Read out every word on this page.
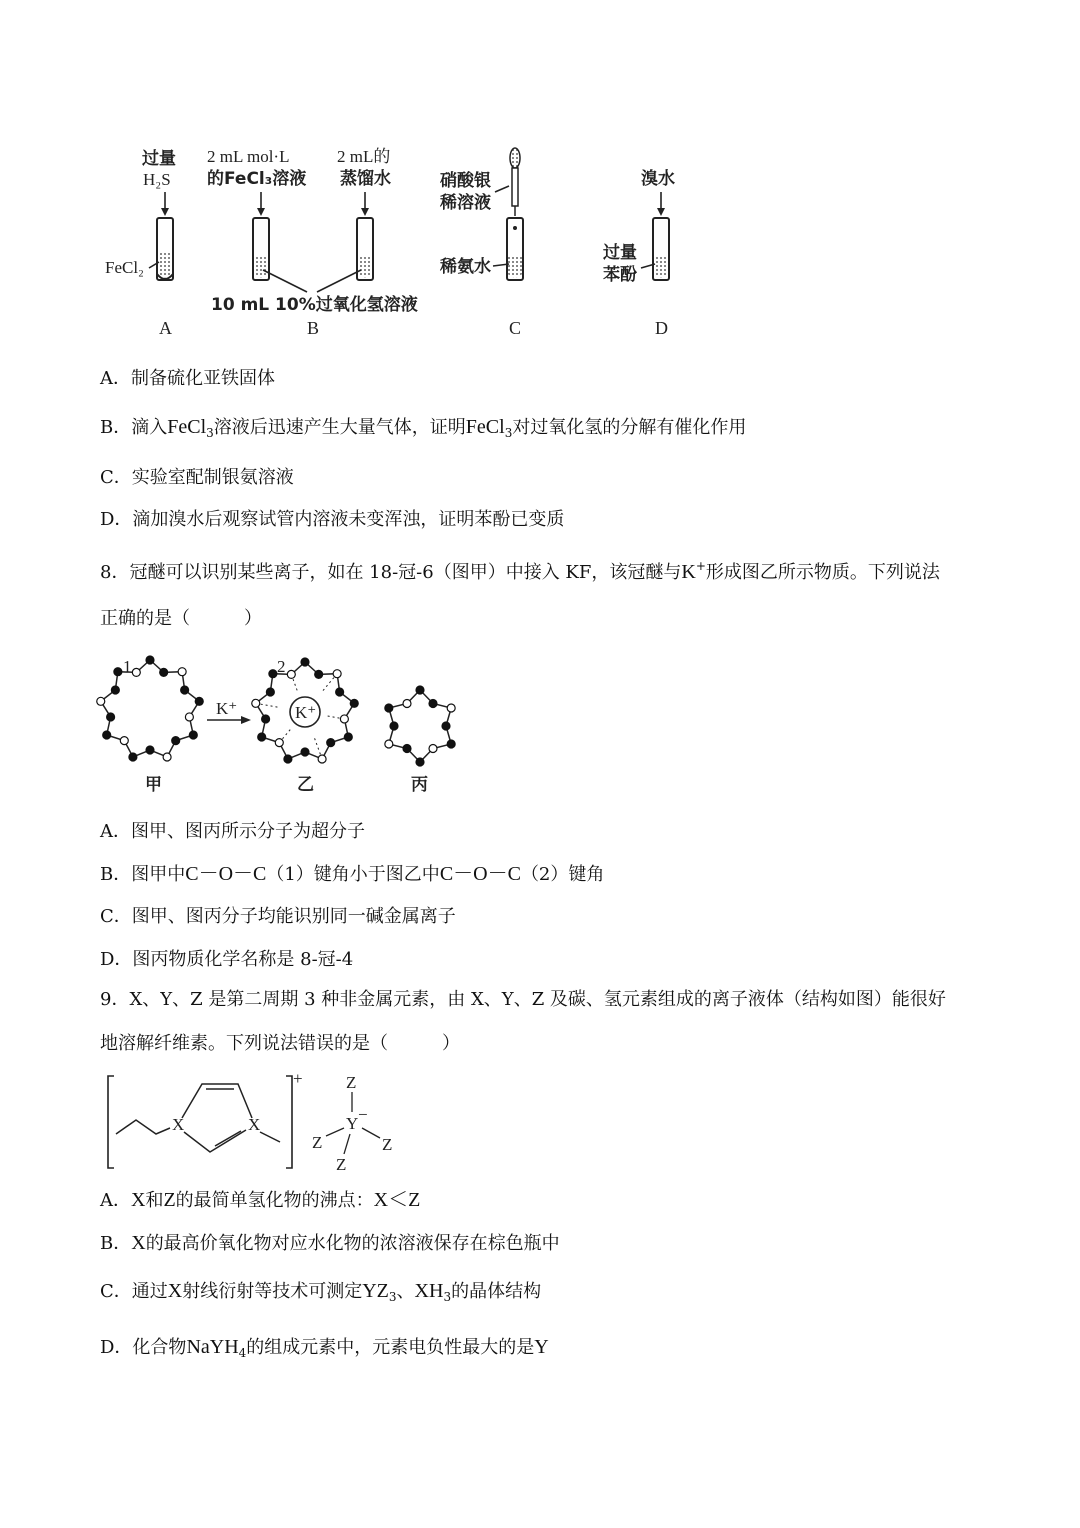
过量
H₂S
FeCl₂
2 mL mol·L
的FeCl₃溶液
2 mL的
蒸馏水
10 mL 10%过氧化氢溶液
硝酸银
稀溶液
稀氨水
溴水
过量
苯酚
A	B	C	D
A．制备硫化亚铁固体
B．滴入FeCl$_3$溶液后迅速产生大量气体，证明FeCl$_3$对过氧化氢的分解有催化作用
C．实验室配制银氨溶液
D．滴加溴水后观察试管内溶液未变浑浊，证明苯酚已变质
8．冠醚可以识别某些离子，如在 18-冠-6（图甲）中接入 KF，该冠醚与K+形成图乙所示物质。下列说法
正确的是（　　　）
1	2
K⁺	K⁺
甲	乙	丙
A．图甲、图丙所示分子为超分子
B．图甲中C－O－C（1）键角小于图乙中C－O－C（2）键角
C．图甲、图丙分子均能识别同一碱金属离子
D．图丙物质化学名称是 8-冠-4
9．X、Y、Z 是第二周期 3 种非金属元素，由 X、Y、Z 及碳、氢元素组成的离子液体（结构如图）能很好
地溶解纤维素。下列说法错误的是（　　　）
+
X	X
Z
Y −
Z	Z
Z
A．X和Z的最简单氢化物的沸点：X＜Z
B．X的最高价氧化物对应水化物的浓溶液保存在棕色瓶中
C．通过X射线衍射等技术可测定$YZ_3$、$XH_3$的晶体结构
D．化合物NaYH$_4$的组成元素中，元素电负性最大的是Y
